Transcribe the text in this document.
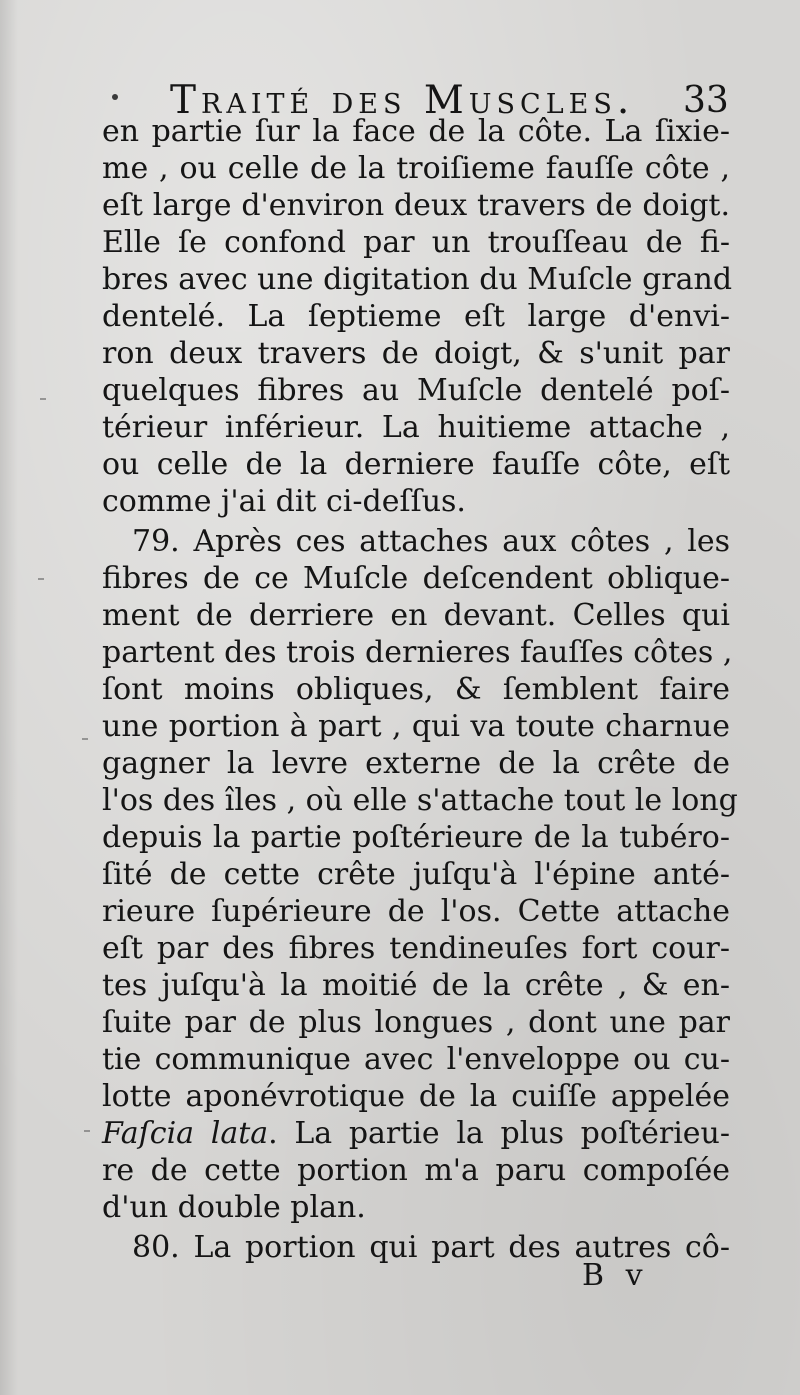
Traité des Muscles. 33
en partie ſur la face de la côte. La ſixie-
me , ou celle de la troiſieme fauſſe côte ,
eſt large d'environ deux travers de doigt.
Elle ſe confond par un trouſſeau de fi-
bres avec une digitation du Muſcle grand
dentelé. La ſeptieme eſt large d'envi-
ron deux travers de doigt, & s'unit par
quelques fibres au Muſcle dentelé poſ-
térieur inférieur. La huitieme attache ,
ou celle de la derniere fauſſe côte, eſt
comme j'ai dit ci-deſſus.
79. Après ces attaches aux côtes , les
fibres de ce Muſcle deſcendent oblique-
ment de derriere en devant. Celles qui
partent des trois dernieres fauſſes côtes ,
ſont moins obliques, & ſemblent faire
une portion à part , qui va toute charnue
gagner la levre externe de la crête de
l'os des îles , où elle s'attache tout le long
depuis la partie poſtérieure de la tubéro-
ſité de cette crête juſqu'à l'épine anté-
rieure ſupérieure de l'os. Cette attache
eſt par des fibres tendineuſes fort cour-
tes juſqu'à la moitié de la crête , & en-
ſuite par de plus longues , dont une par
tie communique avec l'enveloppe ou cu-
lotte aponévrotique de la cuiſſe appelée
Faſcia lata. La partie la plus poſtérieu-
re de cette portion m'a paru compoſée
d'un double plan.
80. La portion qui part des autres cô-
B v
